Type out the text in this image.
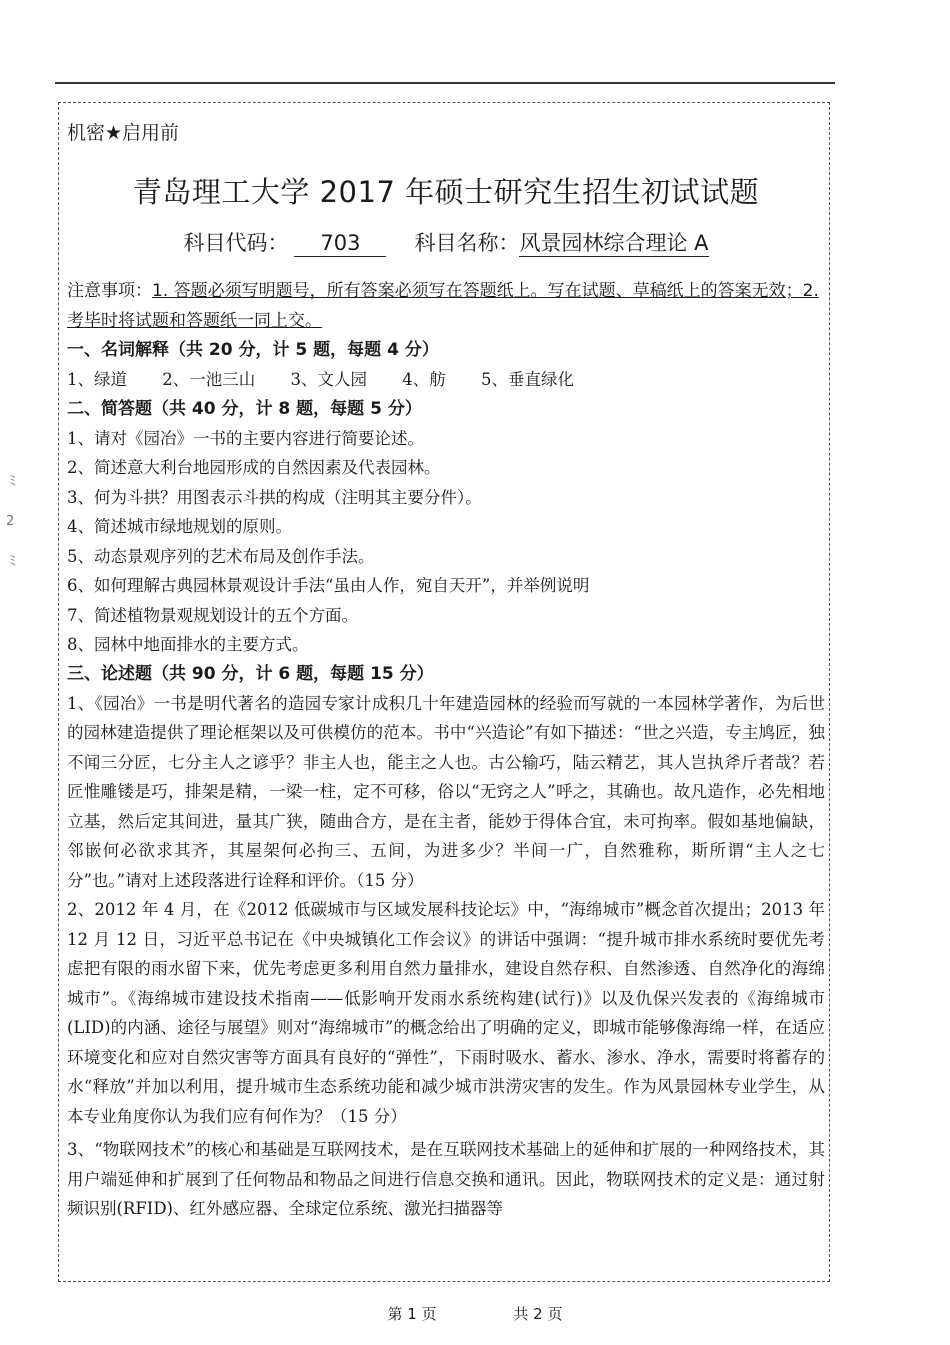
ミ
2
ミ
机密★启用前
青岛理工大学 2017 年硕士研究生招生初试试题
科目代码： 703	科目名称：风景园林综合理论 A
注意事项：1. 答题必须写明题号，所有答案必须写在答题纸上。写在试题、草稿纸上的答案无效；2. 考毕时将试题和答题纸一同上交。
一、名词解释（共 20 分，计 5 题，每题 4 分）
1、绿道 2、一池三山 3、文人园 4、舫 5、垂直绿化
二、简答题（共 40 分，计 8 题，每题 5 分）
1、请对《园冶》一书的主要内容进行简要论述。
2、简述意大利台地园形成的自然因素及代表园林。
3、何为斗拱？用图表示斗拱的构成（注明其主要分件）。
4、简述城市绿地规划的原则。
5、动态景观序列的艺术布局及创作手法。
6、如何理解古典园林景观设计手法“虽由人作，宛自天开”，并举例说明
7、简述植物景观规划设计的五个方面。
8、园林中地面排水的主要方式。
三、论述题（共 90 分，计 6 题，每题 15 分）
1、《园冶》一书是明代著名的造园专家计成积几十年建造园林的经验而写就的一本园林学著作，为后世的园林建造提供了理论框架以及可供模仿的范本。书中“兴造论”有如下描述：“世之兴造，专主鸠匠，独不闻三分匠，七分主人之谚乎？非主人也，能主之人也。古公输巧，陆云精艺，其人岂执斧斤者哉？若匠惟雕镂是巧，排架是精，一梁一柱，定不可移，俗以“无窍之人”呼之，其确也。故凡造作，必先相地立基，然后定其间进，量其广狭，随曲合方，是在主者，能妙于得体合宜，未可拘率。假如基地偏缺，邻嵌何必欲求其齐，其屋架何必拘三、五间，为进多少？半间一广，自然雅称，斯所谓“主人之七分”也。”请对上述段落进行诠释和评价。（15 分）
2、2012 年 4 月，在《2012 低碳城市与区域发展科技论坛》中，“海绵城市”概念首次提出；2013 年 12 月 12 日，习近平总书记在《中央城镇化工作会议》的讲话中强调：“提升城市排水系统时要优先考虑把有限的雨水留下来，优先考虑更多利用自然力量排水，建设自然存积、自然渗透、自然净化的海绵城市”。《海绵城市建设技术指南——低影响开发雨水系统构建(试行)》以及仇保兴发表的《海绵城市(LID)的内涵、途径与展望》则对“海绵城市”的概念给出了明确的定义，即城市能够像海绵一样，在适应环境变化和应对自然灾害等方面具有良好的“弹性”，下雨时吸水、蓄水、渗水、净水，需要时将蓄存的水“释放”并加以利用，提升城市生态系统功能和减少城市洪涝灾害的发生。作为风景园林专业学生，从本专业角度你认为我们应有何作为？（15 分）
3、“物联网技术”的核心和基础是互联网技术，是在互联网技术基础上的延伸和扩展的一种网络技术，其用户端延伸和扩展到了任何物品和物品之间进行信息交换和通讯。因此，物联网技术的定义是：通过射频识别(RFID)、红外感应器、全球定位系统、激光扫描器等
第 1 页	共 2 页
